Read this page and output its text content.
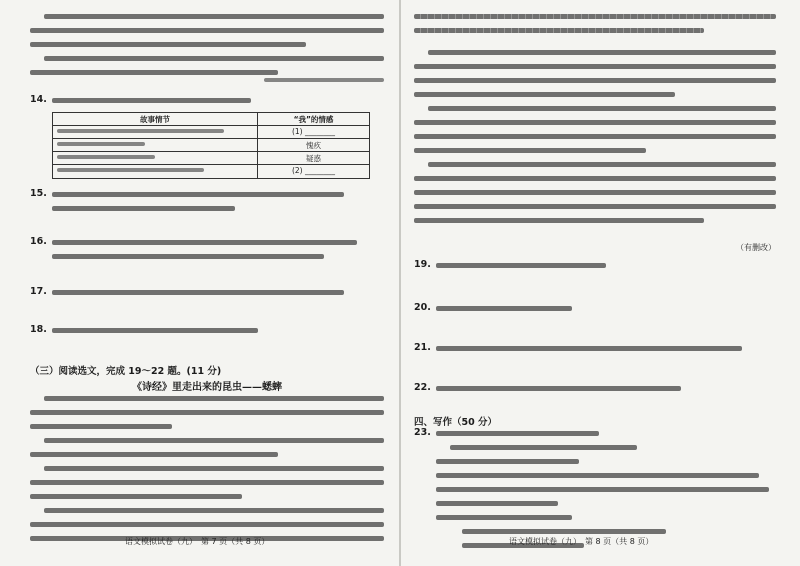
14.
故事情节	“我”的情感
(1) ________
愧疚
疑惑
(2) ________
15.
16.
17.
18.
（三）阅读选文，完成 19～22 题。(11 分)
《诗经》里走出来的昆虫——蟋蟀
语文模拟试卷（九）　第 7 页（共 8 页）
（有删改）
19.
20.
21.
22.
四、写作（50 分）
23.
语文模拟试卷（九）　第 8 页（共 8 页）
